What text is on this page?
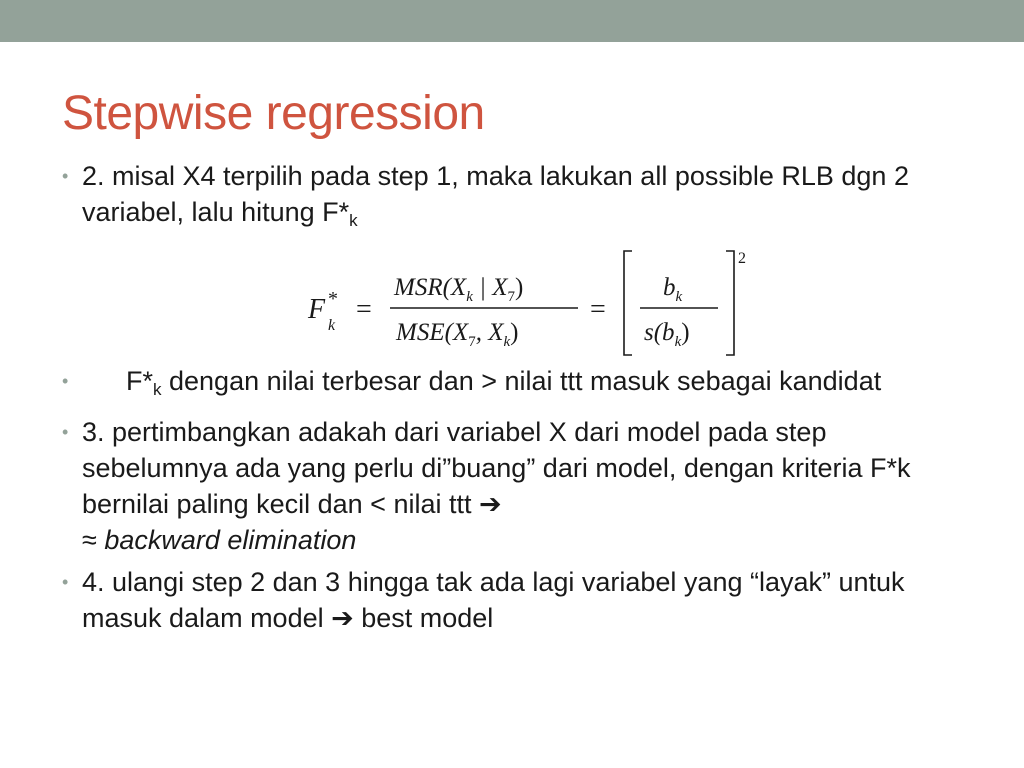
Stepwise regression
• 2. misal X4 terpilih pada step 1, maka lakukan all possible RLB dgn 2 variabel, lalu hitung $F*_k$
F *
k
=
$MSR(X_k$ | $X_7$)
$MSE(X_7$, $X_k$)
=
$b_k$
$s(b_k)$
2
•	$F*_k$ dengan nilai terbesar dan > nilai ttt masuk sebagai kandidat
• 3. pertimbangkan adakah dari variabel X dari model pada step sebelumnya ada yang perlu di”buang” dari model, dengan kriteria F*k bernilai paling kecil dan < nilai ttt ➔
≈ backward elimination
• 4. ulangi step 2 dan 3 hingga tak ada lagi variabel yang “layak” untuk masuk dalam model ➔ best model
